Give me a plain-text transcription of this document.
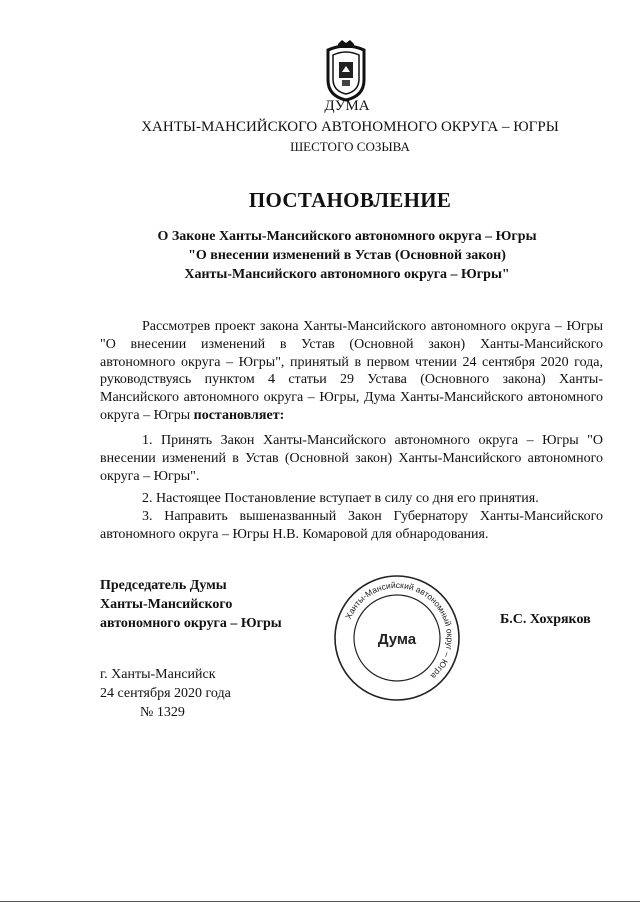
ДУМА
ХАНТЫ-МАНСИЙСКОГО АВТОНОМНОГО ОКРУГА – ЮГРЫ
ШЕСТОГО СОЗЫВА
ПОСТАНОВЛЕНИЕ
О Законе Ханты-Мансийского автономного округа – Югры
"О внесении изменений в Устав (Основной закон)
Ханты-Мансийского автономного округа – Югры"
Рассмотрев проект закона Ханты-Мансийского автономного округа – Югры "О внесении изменений в Устав (Основной закон) Ханты-Мансийского автономного округа – Югры", принятый в первом чтении 24 сентября 2020 года, руководствуясь пунктом 4 статьи 29 Устава (Основного закона) Ханты-Мансийского автономного округа – Югры, Дума Ханты-Мансийского автономного округа – Югры постановляет:
1. Принять Закон Ханты-Мансийского автономного округа – Югры "О внесении изменений в Устав (Основной закон) Ханты-Мансийского автономного округа – Югры".
2. Настоящее Постановление вступает в силу со дня его принятия.
3. Направить вышеназванный Закон Губернатору Ханты-Мансийского автономного округа – Югры Н.В. Комаровой для обнародования.
Председатель Думы
Ханты-Мансийского
автономного округа – Югры
Ханты-Мансийский автономный округ – Югра
Дума
Б.С. Хохряков
г. Ханты-Мансийск
24 сентября 2020 года
№ 1329
